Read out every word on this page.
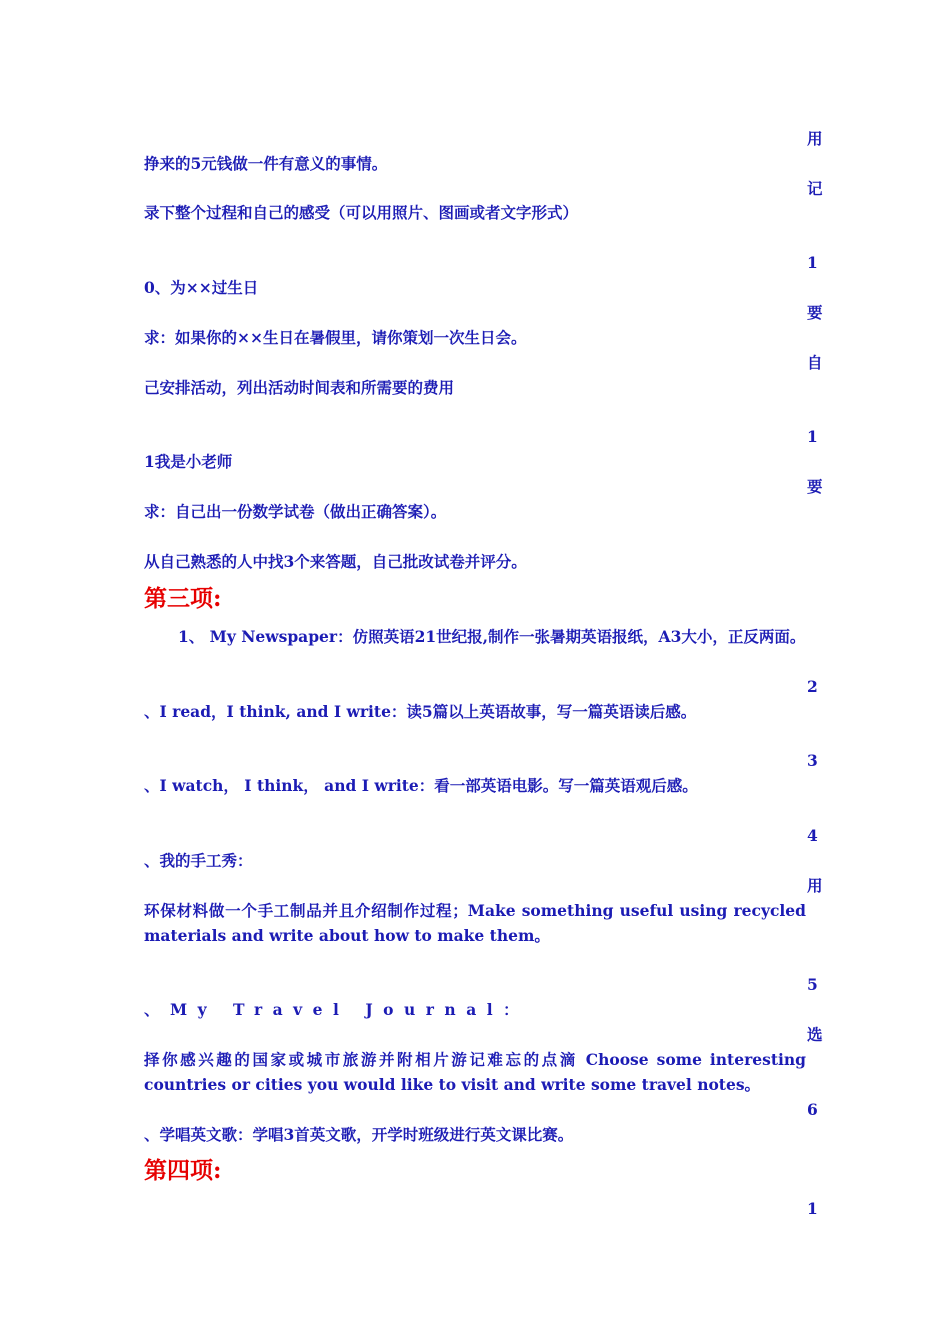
用
记
1
要
自
1
要
2
3
4
用
5
选
6
1
挣来的5元钱做一件有意义的事情。
录下整个过程和自己的感受（可以用照片、图画或者文字形式）
0、为××过生日
求：如果你的××生日在暑假里，请你策划一次生日会。
己安排活动，列出活动时间表和所需要的费用
1我是小老师
求：自己出一份数学试卷（做出正确答案）。
从自己熟悉的人中找3个来答题，自己批改试卷并评分。
第三项:
1、 My Newspaper：仿照英语21世纪报,制作一张暑期英语报纸，A3大小，正反两面。
、I read，I think, and I write：读5篇以上英语故事，写一篇英语读后感。
、I watch， I think， and I write：看一部英语电影。写一篇英语观后感。
、我的手工秀：
环保材料做一个手工制品并且介绍制作过程；Make something useful using recycled materials and write about how to make them。
、My Travel Journal：
择你感兴趣的国家或城市旅游并附相片游记难忘的点滴 Choose some interesting countries or cities you would like to visit and write some travel notes。
、学唱英文歌：学唱3首英文歌，开学时班级进行英文课比赛。
第四项:
